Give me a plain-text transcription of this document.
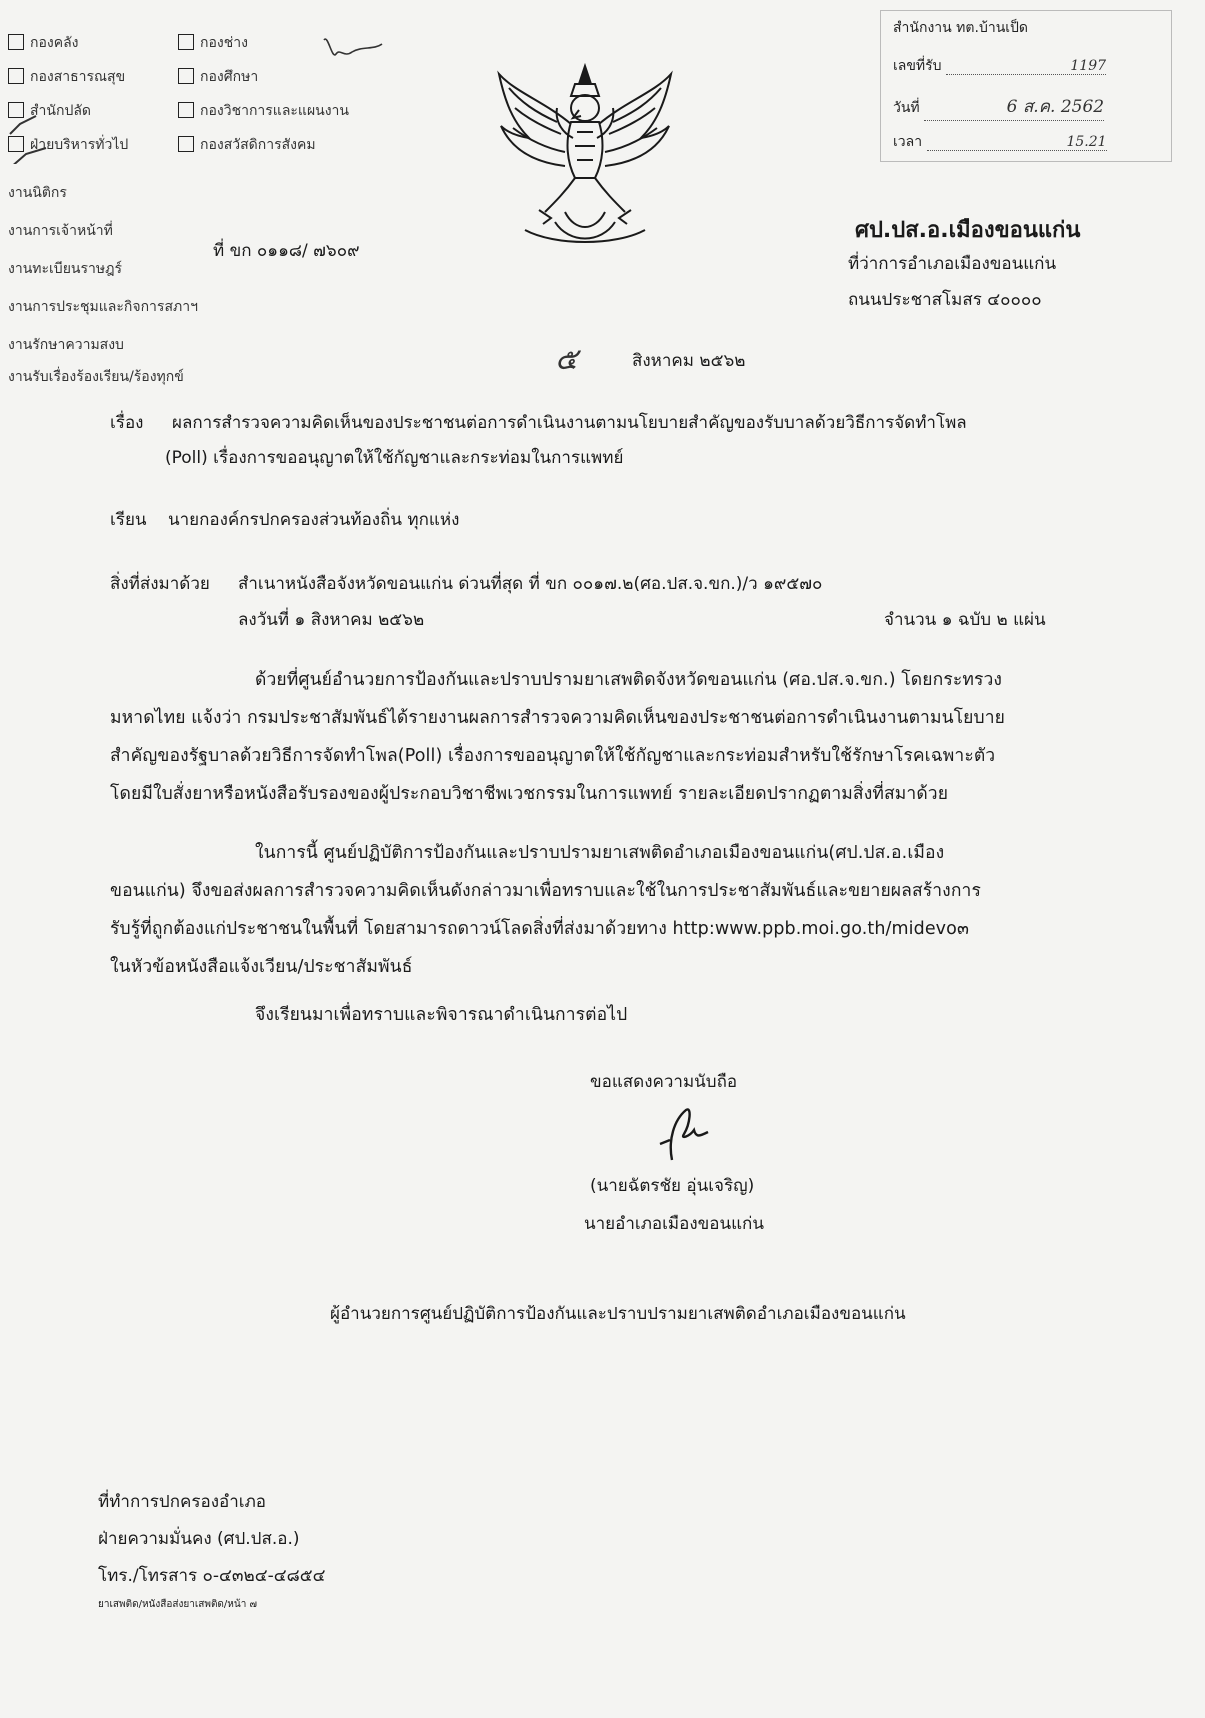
กองคลัง
กองสาธารณสุข
สำนักปลัด
ฝ่ายบริหารทั่วไป
กองช่าง
กองศึกษา
กองวิชาการและแผนงาน
กองสวัสดิการสังคม
งานนิติกร
งานการเจ้าหน้าที่
งานทะเบียนราษฎร์
งานการประชุมและกิจการสภาฯ
งานรักษาความสงบ
งานรับเรื่องร้องเรียน/ร้องทุกข์
สำนักงาน ทต.บ้านเป็ด
เลขที่รับ	1197
วันที่	6 ส.ค. 2562
เวลา	15.21
ที่ ขก ๐๑๑๘/ ๗๖๐๙
ศป.ปส.อ.เมืองขอนแก่น
ที่ว่าการอำเภอเมืองขอนแก่น
ถนนประชาสโมสร ๔๐๐๐๐
๕	สิงหาคม ๒๕๖๒
เรื่อง ผลการสำรวจความคิดเห็นของประชาชนต่อการดำเนินงานตามนโยบายสำคัญของรับบาลด้วยวิธีการจัดทำโพล
(Poll) เรื่องการขออนุญาตให้ใช้กัญชาและกระท่อมในการแพทย์
เรียน นายกองค์กรปกครองส่วนท้องถิ่น ทุกแห่ง
สิ่งที่ส่งมาด้วย สำเนาหนังสือจังหวัดขอนแก่น ด่วนที่สุด ที่ ขก ๐๐๑๗.๒(ศอ.ปส.จ.ขก.)/ว ๑๙๕๗๐
ลงวันที่ ๑ สิงหาคม ๒๕๖๒	จำนวน ๑ ฉบับ ๒ แผ่น
ด้วยที่ศูนย์อำนวยการป้องกันและปราบปรามยาเสพติดจังหวัดขอนแก่น (ศอ.ปส.จ.ขก.) โดยกระทรวง
มหาดไทย แจ้งว่า กรมประชาสัมพันธ์ได้รายงานผลการสำรวจความคิดเห็นของประชาชนต่อการดำเนินงานตามนโยบาย
สำคัญของรัฐบาลด้วยวิธีการจัดทำโพล(Poll) เรื่องการขออนุญาตให้ใช้กัญชาและกระท่อมสำหรับใช้รักษาโรคเฉพาะตัว
โดยมีใบสั่งยาหรือหนังสือรับรองของผู้ประกอบวิชาชีพเวชกรรมในการแพทย์ รายละเอียดปรากฏตามสิ่งที่สมาด้วย
ในการนี้ ศูนย์ปฏิบัติการป้องกันและปราบปรามยาเสพติดอำเภอเมืองขอนแก่น(ศป.ปส.อ.เมือง
ขอนแก่น) จึงขอส่งผลการสำรวจความคิดเห็นดังกล่าวมาเพื่อทราบและใช้ในการประชาสัมพันธ์และขยายผลสร้างการ
รับรู้ที่ถูกต้องแก่ประชาชนในพื้นที่ โดยสามารถดาวน์โลดสิ่งที่ส่งมาด้วยทาง http:www.ppb.moi.go.th/midevo๓
ในหัวข้อหนังสือแจ้งเวียน/ประชาสัมพันธ์
จึงเรียนมาเพื่อทราบและพิจารณาดำเนินการต่อไป
ขอแสดงความนับถือ
(นายฉัตรชัย อุ่นเจริญ)
นายอำเภอเมืองขอนแก่น
ผู้อำนวยการศูนย์ปฏิบัติการป้องกันและปราบปรามยาเสพติดอำเภอเมืองขอนแก่น
ที่ทำการปกครองอำเภอ
ฝ่ายความมั่นคง (ศป.ปส.อ.)
โทร./โทรสาร ๐-๔๓๒๔-๔๘๕๔
ยาเสพติด/หนังสือส่งยาเสพติด/หน้า ๗
